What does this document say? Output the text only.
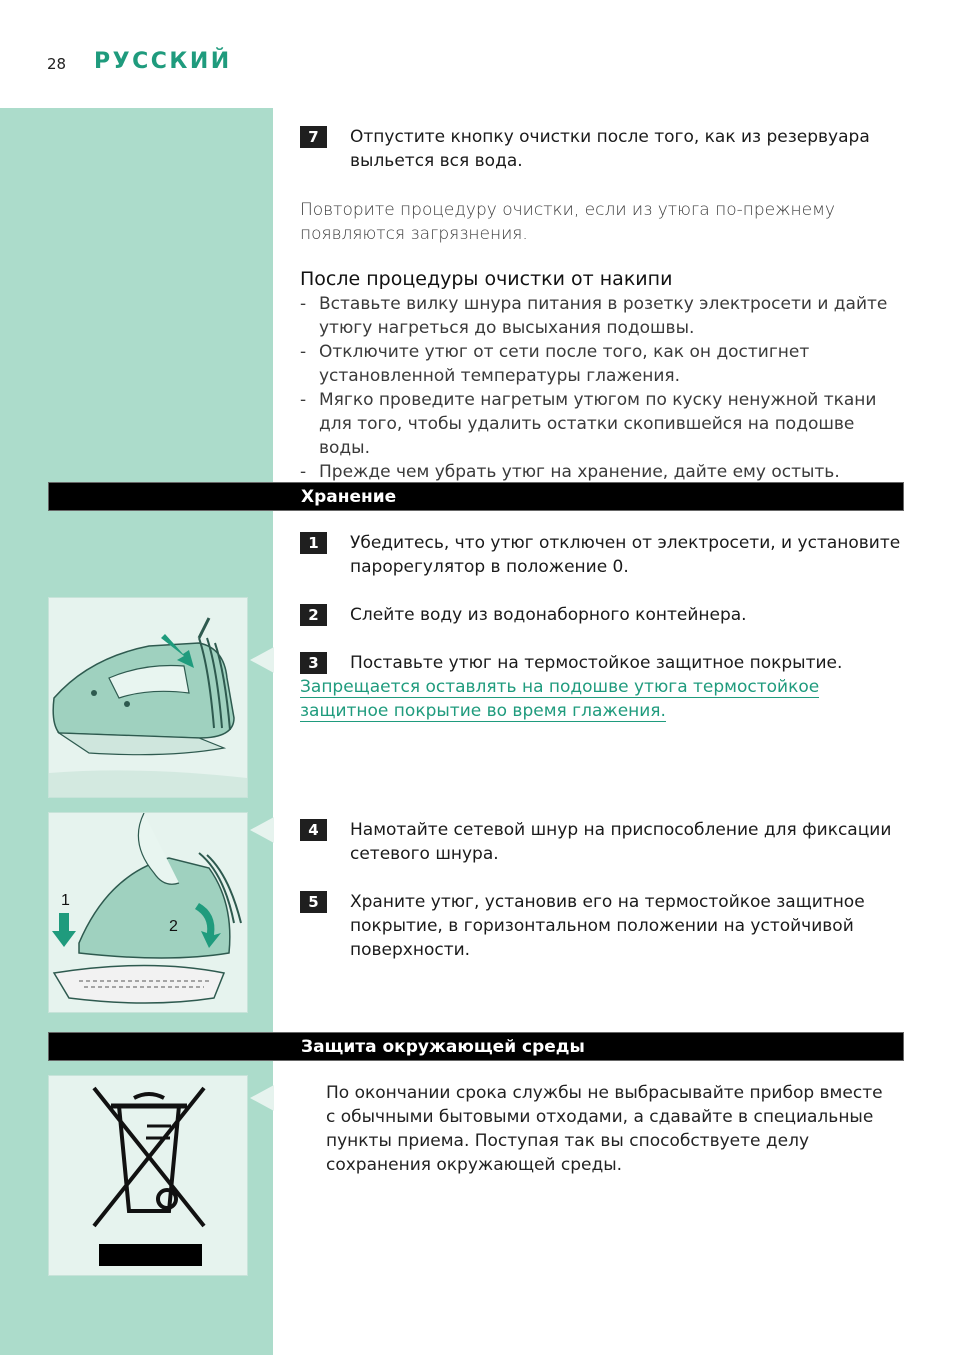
28 РУССКИЙ
7	Отпустите кнопку очистки после того, как из резервуара выльется вся вода.
Повторите процедуру очистки, если из утюга по-прежнему появляются загрязнения.
После процедуры очистки от накипи
- Вставьте вилку шнура питания в розетку электросети и дайте утюгу нагреться до высыхания подошвы.
- Отключите утюг от сети после того, как он достигнет установленной температуры глажения.
- Мягко проведите нагретым утюгом по куску ненужной ткани для того, чтобы удалить остатки скопившейся на подошве воды.
- Прежде чем убрать утюг на хранение, дайте ему остыть.
Хранение
1	Убедитесь, что утюг отключен от электросети, и установите парорегулятор в положение 0.
2	Слейте воду из водонаборного контейнера.
3	Поставьте утюг на термостойкое защитное покрытие.
Запрещается оставлять на подошве утюга термостойкое защитное покрытие во время глажения.
4	Намотайте сетевой шнур на приспособление для фиксации сетевого шнура.
5	Храните утюг, установив его на термостойкое защитное покрытие, в горизонтальном положении на устойчивой поверхности.
1
2
Защита окружающей среды
По окончании срока службы не выбрасывайте прибор вместе с обычными бытовыми отходами, а сдавайте в специальные пункты приема. Поступая так вы способствуете делу сохранения окружающей среды.
